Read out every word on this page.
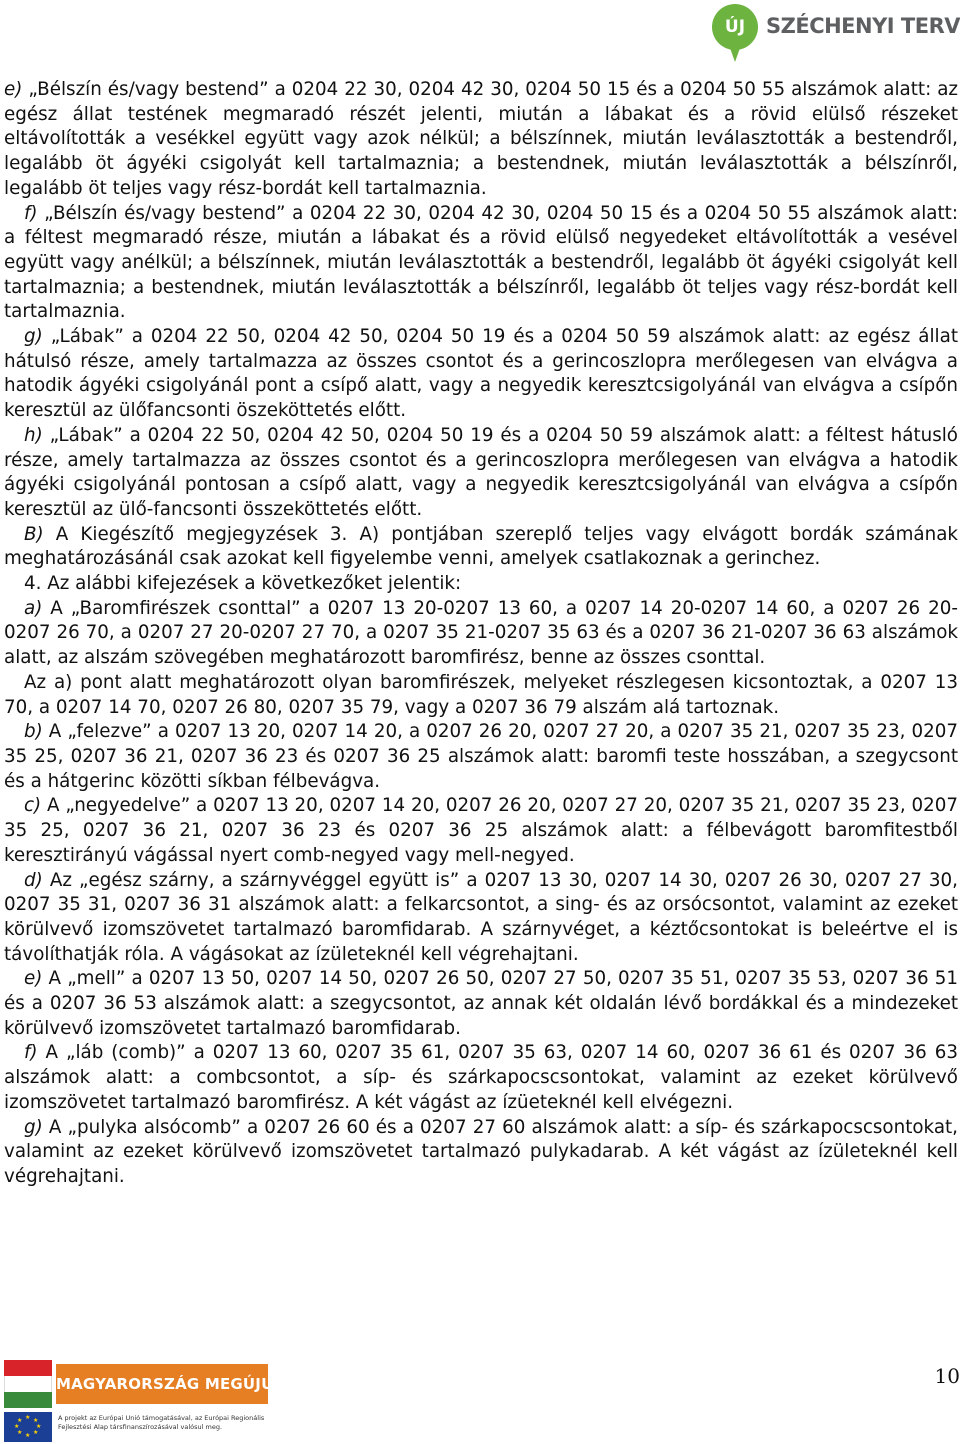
ÚJ SZÉCHENYI TERV

e) „Bélszín és/vagy bestend” a 0204 22 30, 0204 42 30, 0204 50 15 és a 0204 50 55 alszámok alatt: az egész állat testének megmaradó részét jelenti, miután a lábakat és a rövid elülső részeket eltávolították a vesékkel együtt vagy azok nélkül; a bélszínnek, miután leválasztották a bestendről, legalább öt ágyéki csigolyát kell tartalmaznia; a bestendnek, miután leválasztották a bélszínről, legalább öt teljes vagy rész-bordát kell tartalmaznia.

f) „Bélszín és/vagy bestend” a 0204 22 30, 0204 42 30, 0204 50 15 és a 0204 50 55 alszámok alatt: a féltest megmaradó része, miután a lábakat és a rövid elülső negyedeket eltávolították a vesével együtt vagy anélkül; a bélszínnek, miután leválasztották a bestendről, legalább öt ágyéki csigolyát kell tartalmaznia; a bestendnek, miután leválasztották a bélszínről, legalább öt teljes vagy rész-bordát kell tartalmaznia.

g) „Lábak” a 0204 22 50, 0204 42 50, 0204 50 19 és a 0204 50 59 alszámok alatt: az egész állat hátulsó része, amely tartalmazza az összes csontot és a gerincoszlopra merőlegesen van elvágva a hatodik ágyéki csigolyánál pont a csípő alatt, vagy a negyedik keresztcsigolyánál van elvágva a csípőn keresztül az ülőfancsonti öszeköttetés előtt.

h) „Lábak” a 0204 22 50, 0204 42 50, 0204 50 19 és a 0204 50 59 alszámok alatt: a féltest hátusló része, amely tartalmazza az összes csontot és a gerincoszlopra merőlegesen van elvágva a hatodik ágyéki csigolyánál pontosan a csípő alatt, vagy a negyedik keresztcsigolyánál van elvágva a csípőn keresztül az ülő-fancsonti összeköttetés előtt.

B) A Kiegészítő megjegyzések 3. A) pontjában szereplő teljes vagy elvágott bordák számának meghatározásánál csak azokat kell figyelembe venni, amelyek csatlakoznak a gerinchez.

4. Az alábbi kifejezések a következőket jelentik:

a) A „Baromfirészek csonttal” a 0207 13 20-0207 13 60, a 0207 14 20-0207 14 60, a 0207 26 20-0207 26 70, a 0207 27 20-0207 27 70, a 0207 35 21-0207 35 63 és a 0207 36 21-0207 36 63 alszámok alatt, az alszám szövegében meghatározott baromfirész, benne az összes csonttal.

Az a) pont alatt meghatározott olyan baromfirészek, melyeket részlegesen kicsontoztak, a 0207 13 70, a 0207 14 70, 0207 26 80, 0207 35 79, vagy a 0207 36 79 alszám alá tartoznak.

b) A „felezve” a 0207 13 20, 0207 14 20, a 0207 26 20, 0207 27 20, a 0207 35 21, 0207 35 23, 0207 35 25, 0207 36 21, 0207 36 23 és 0207 36 25 alszámok alatt: baromfi teste hosszában, a szegycsont és a hátgerinc közötti síkban félbevágva.

c) A „negyedelve” a 0207 13 20, 0207 14 20, 0207 26 20, 0207 27 20, 0207 35 21, 0207 35 23, 0207 35 25, 0207 36 21, 0207 36 23 és 0207 36 25 alszámok alatt: a félbevágott baromfitestből keresztirányú vágással nyert comb-negyed vagy mell-negyed.

d) Az „egész szárny, a szárnyvéggel együtt is” a 0207 13 30, 0207 14 30, 0207 26 30, 0207 27 30, 0207 35 31, 0207 36 31 alszámok alatt: a felkarcsontot, a sing- és az orsócsontot, valamint az ezeket körülvevő izomszövetet tartalmazó baromfidarab. A szárnyvéget, a kéztőcsontokat is beleértve el is távolíthatják róla. A vágásokat az ízületeknél kell végrehajtani.

e) A „mell” a 0207 13 50, 0207 14 50, 0207 26 50, 0207 27 50, 0207 35 51, 0207 35 53, 0207 36 51 és a 0207 36 53 alszámok alatt: a szegycsontot, az annak két oldalán lévő bordákkal és a mindezeket körülvevő izomszövetet tartalmazó baromfidarab.

f) A „láb (comb)” a 0207 13 60, 0207 35 61, 0207 35 63, 0207 14 60, 0207 36 61 és 0207 36 63 alszámok alatt: a combcsontot, a síp- és szárkapocscsontokat, valamint az ezeket körülvevő izomszövetet tartalmazó baromfirész. A két vágást az ízüeteknél kell elvégezni.

g) A „pulyka alsócomb” a 0207 26 60 és a 0207 27 60 alszámok alatt: a síp- és szárkapocscsontokat, valamint az ezeket körülvevő izomszövetet tartalmazó pulykadarab. A két vágást az ízületeknél kell végrehajtani.

MAGYARORSZÁG MEGÚJUL
★ ★
★
★
★
★
★
★	A projekt az Európai Unió támogatásával, az Európai Regionális Fejlesztési Alap társfinanszírozásával valósul meg.
10
